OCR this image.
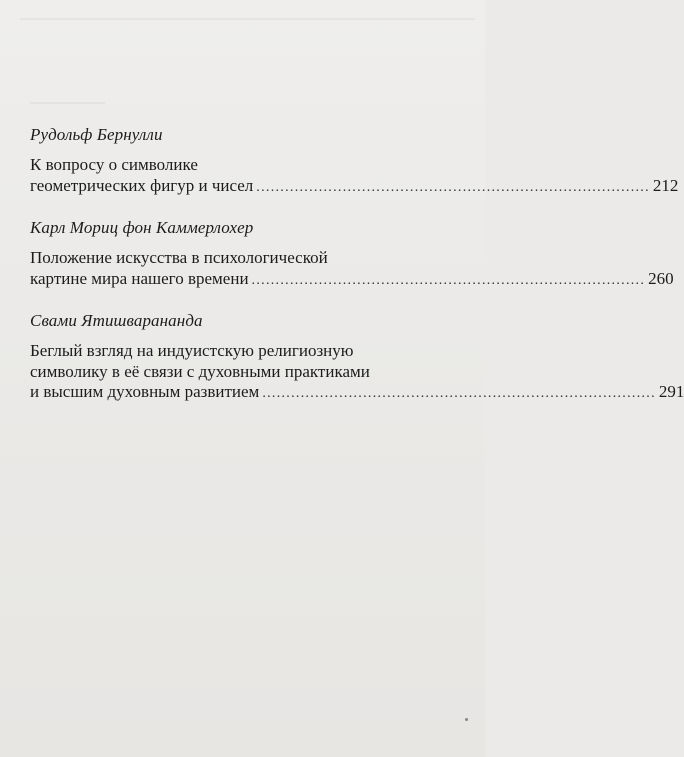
Рудольф Бернулли
К вопросу о символике
геометрических фигур и чисел .................................................................................. 212
Карл Мориц фон Каммерлохер
Положение искусства в психологической
картине мира нашего времени .................................................................................. 260
Свами Ятишваранандa
Беглый взгляд на индуистскую религиозную
символику в её связи с духовными практиками
и высшим духовным развитием .................................................................................. 291
